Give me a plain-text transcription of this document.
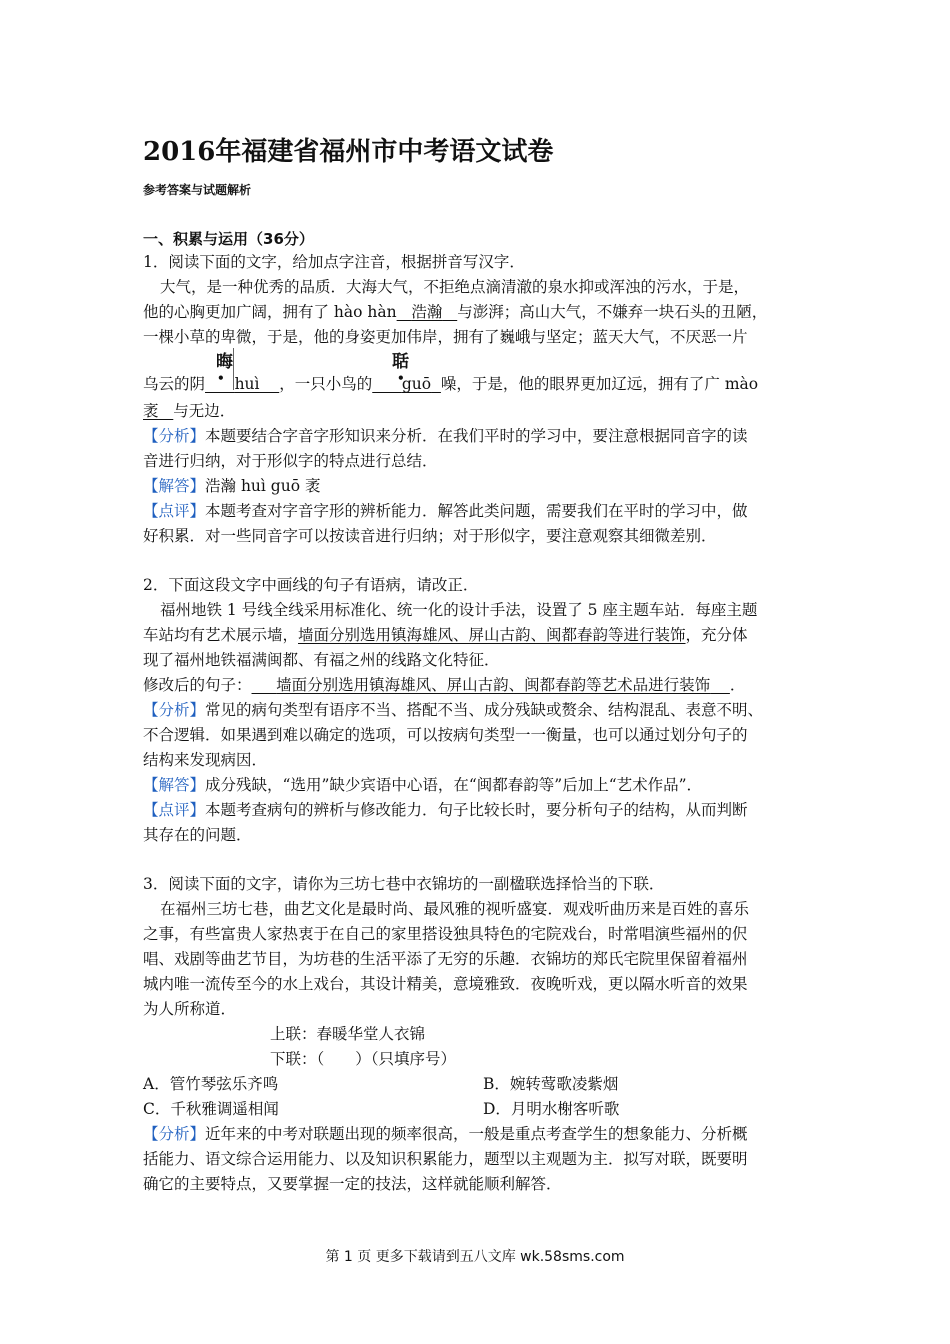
2016年福建省福州市中考语文试卷
参考答案与试题解析
一、积累与运用（36分）
1．阅读下面的文字，给加点字注音，根据拼音写汉字．
大气，是一种优秀的品质．大海大气，不拒绝点滴清澈的泉水抑或浑浊的污水，于是，
他的心胸更加广阔，拥有了 hào hàn 浩瀚 与澎湃；高山大气，不嫌弃一块石头的丑陋，
一棵小草的卑微，于是，他的身姿更加伟岸，拥有了巍峨与坚定；蓝天大气，不厌恶一片
晦
•
聒
•
乌云的阴 huì ，一只小鸟的 guō 噪，于是，他的眼界更加辽远，拥有了广 mào
袤 与无边．
【分析】本题要结合字音字形知识来分析．在我们平时的学习中，要注意根据同音字的读
音进行归纳，对于形似字的特点进行总结．
【解答】浩瀚 huì guō 袤
【点评】本题考查对字音字形的辨析能力．解答此类问题，需要我们在平时的学习中，做
好积累．对一些同音字可以按读音进行归纳；对于形似字，要注意观察其细微差别．
2．下面这段文字中画线的句子有语病，请改正．
福州地铁 1 号线全线采用标准化、统一化的设计手法，设置了 5 座主题车站．每座主题
车站均有艺术展示墙，墙面分别选用镇海雄风、屏山古韵、闽都春韵等进行装饰，充分体
现了福州地铁福满闽都、有福之州的线路文化特征．
修改后的句子： 墙面分别选用镇海雄风、屏山古韵、闽都春韵等艺术品进行装饰 ．
【分析】常见的病句类型有语序不当、搭配不当、成分残缺或赘余、结构混乱、表意不明、
不合逻辑．如果遇到难以确定的选项，可以按病句类型一一衡量，也可以通过划分句子的
结构来发现病因．
【解答】成分残缺，“选用”缺少宾语中心语，在“闽都春韵等”后加上“艺术作品”．
【点评】本题考查病句的辨析与修改能力．句子比较长时，要分析句子的结构，从而判断
其存在的问题．
3．阅读下面的文字，请你为三坊七巷中衣锦坊的一副楹联选择恰当的下联．
在福州三坊七巷，曲艺文化是最时尚、最风雅的视听盛宴．观戏听曲历来是百姓的喜乐
之事，有些富贵人家热衷于在自己的家里搭设独具特色的宅院戏台，时常唱演些福州的伬
唱、戏剧等曲艺节目，为坊巷的生活平添了无穷的乐趣．衣锦坊的郑氏宅院里保留着福州
城内唯一流传至今的水上戏台，其设计精美，意境雅致．夜晚听戏，更以隔水听音的效果
为人所称道．
上联：春暖华堂人衣锦
下联：（　　）（只填序号）
A．管竹琴弦乐齐鸣	B．婉转莺歌凌紫烟
C．千秋雅调遥相闻	D．月明水榭客听歌
【分析】近年来的中考对联题出现的频率很高，一般是重点考查学生的想象能力、分析概
括能力、语文综合运用能力、以及知识积累能力，题型以主观题为主．拟写对联，既要明
确它的主要特点，又要掌握一定的技法，这样就能顺利解答．
第 1 页 更多下载请到五八文库 wk.58sms.com
